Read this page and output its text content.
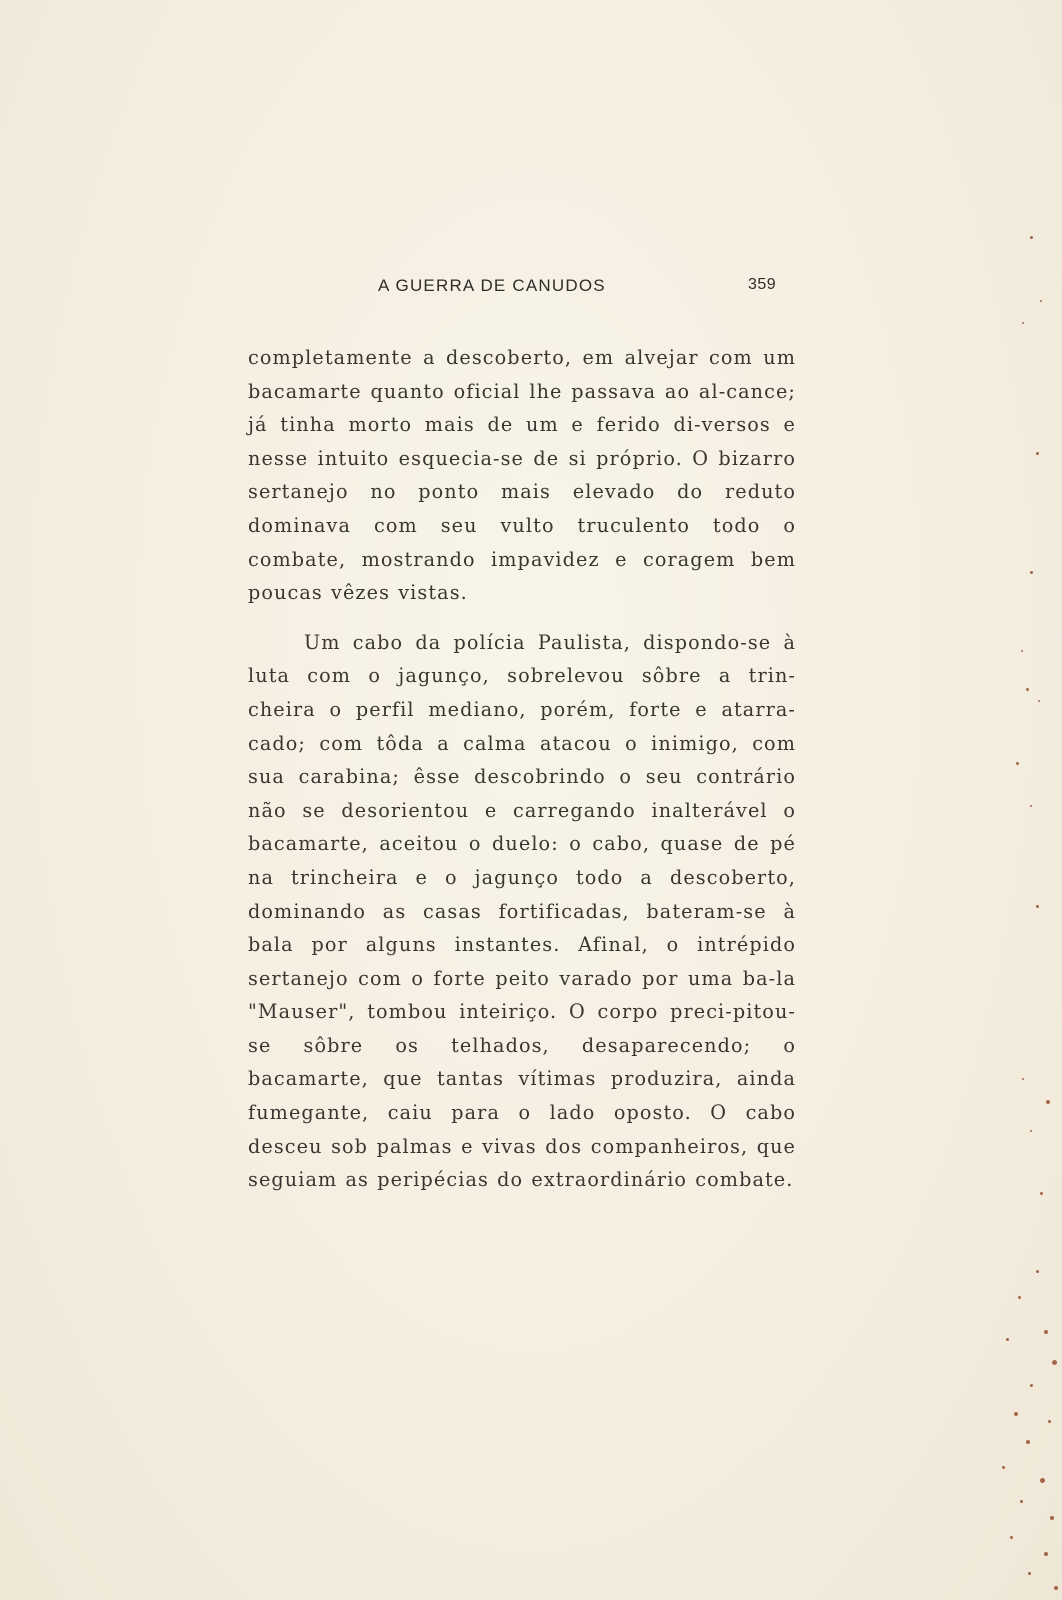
A GUERRA DE CANUDOS	359

completamente a descoberto, em alvejar com um bacamarte quanto oficial lhe passava ao al-cance; já tinha morto mais de um e ferido di-versos e nesse intuito esquecia-se de si próprio. O bizarro sertanejo no ponto mais elevado do reduto dominava com seu vulto truculento todo o combate, mostrando impavidez e coragem bem poucas vêzes vistas.

Um cabo da polícia Paulista, dispondo-se à luta com o jagunço, sobrelevou sôbre a trin-cheira o perfil mediano, porém, forte e atarra-cado; com tôda a calma atacou o inimigo, com sua carabina; êsse descobrindo o seu contrário não se desorientou e carregando inalterável o bacamarte, aceitou o duelo: o cabo, quase de pé na trincheira e o jagunço todo a descoberto, dominando as casas fortificadas, bateram-se à bala por alguns instantes. Afinal, o intrépido sertanejo com o forte peito varado por uma ba-la "Mauser", tombou inteiriço. O corpo preci-pitou-se sôbre os telhados, desaparecendo; o bacamarte, que tantas vítimas produzira, ainda fumegante, caiu para o lado oposto. O cabo desceu sob palmas e vivas dos companheiros, que seguiam as peripécias do extraordinário combate.
